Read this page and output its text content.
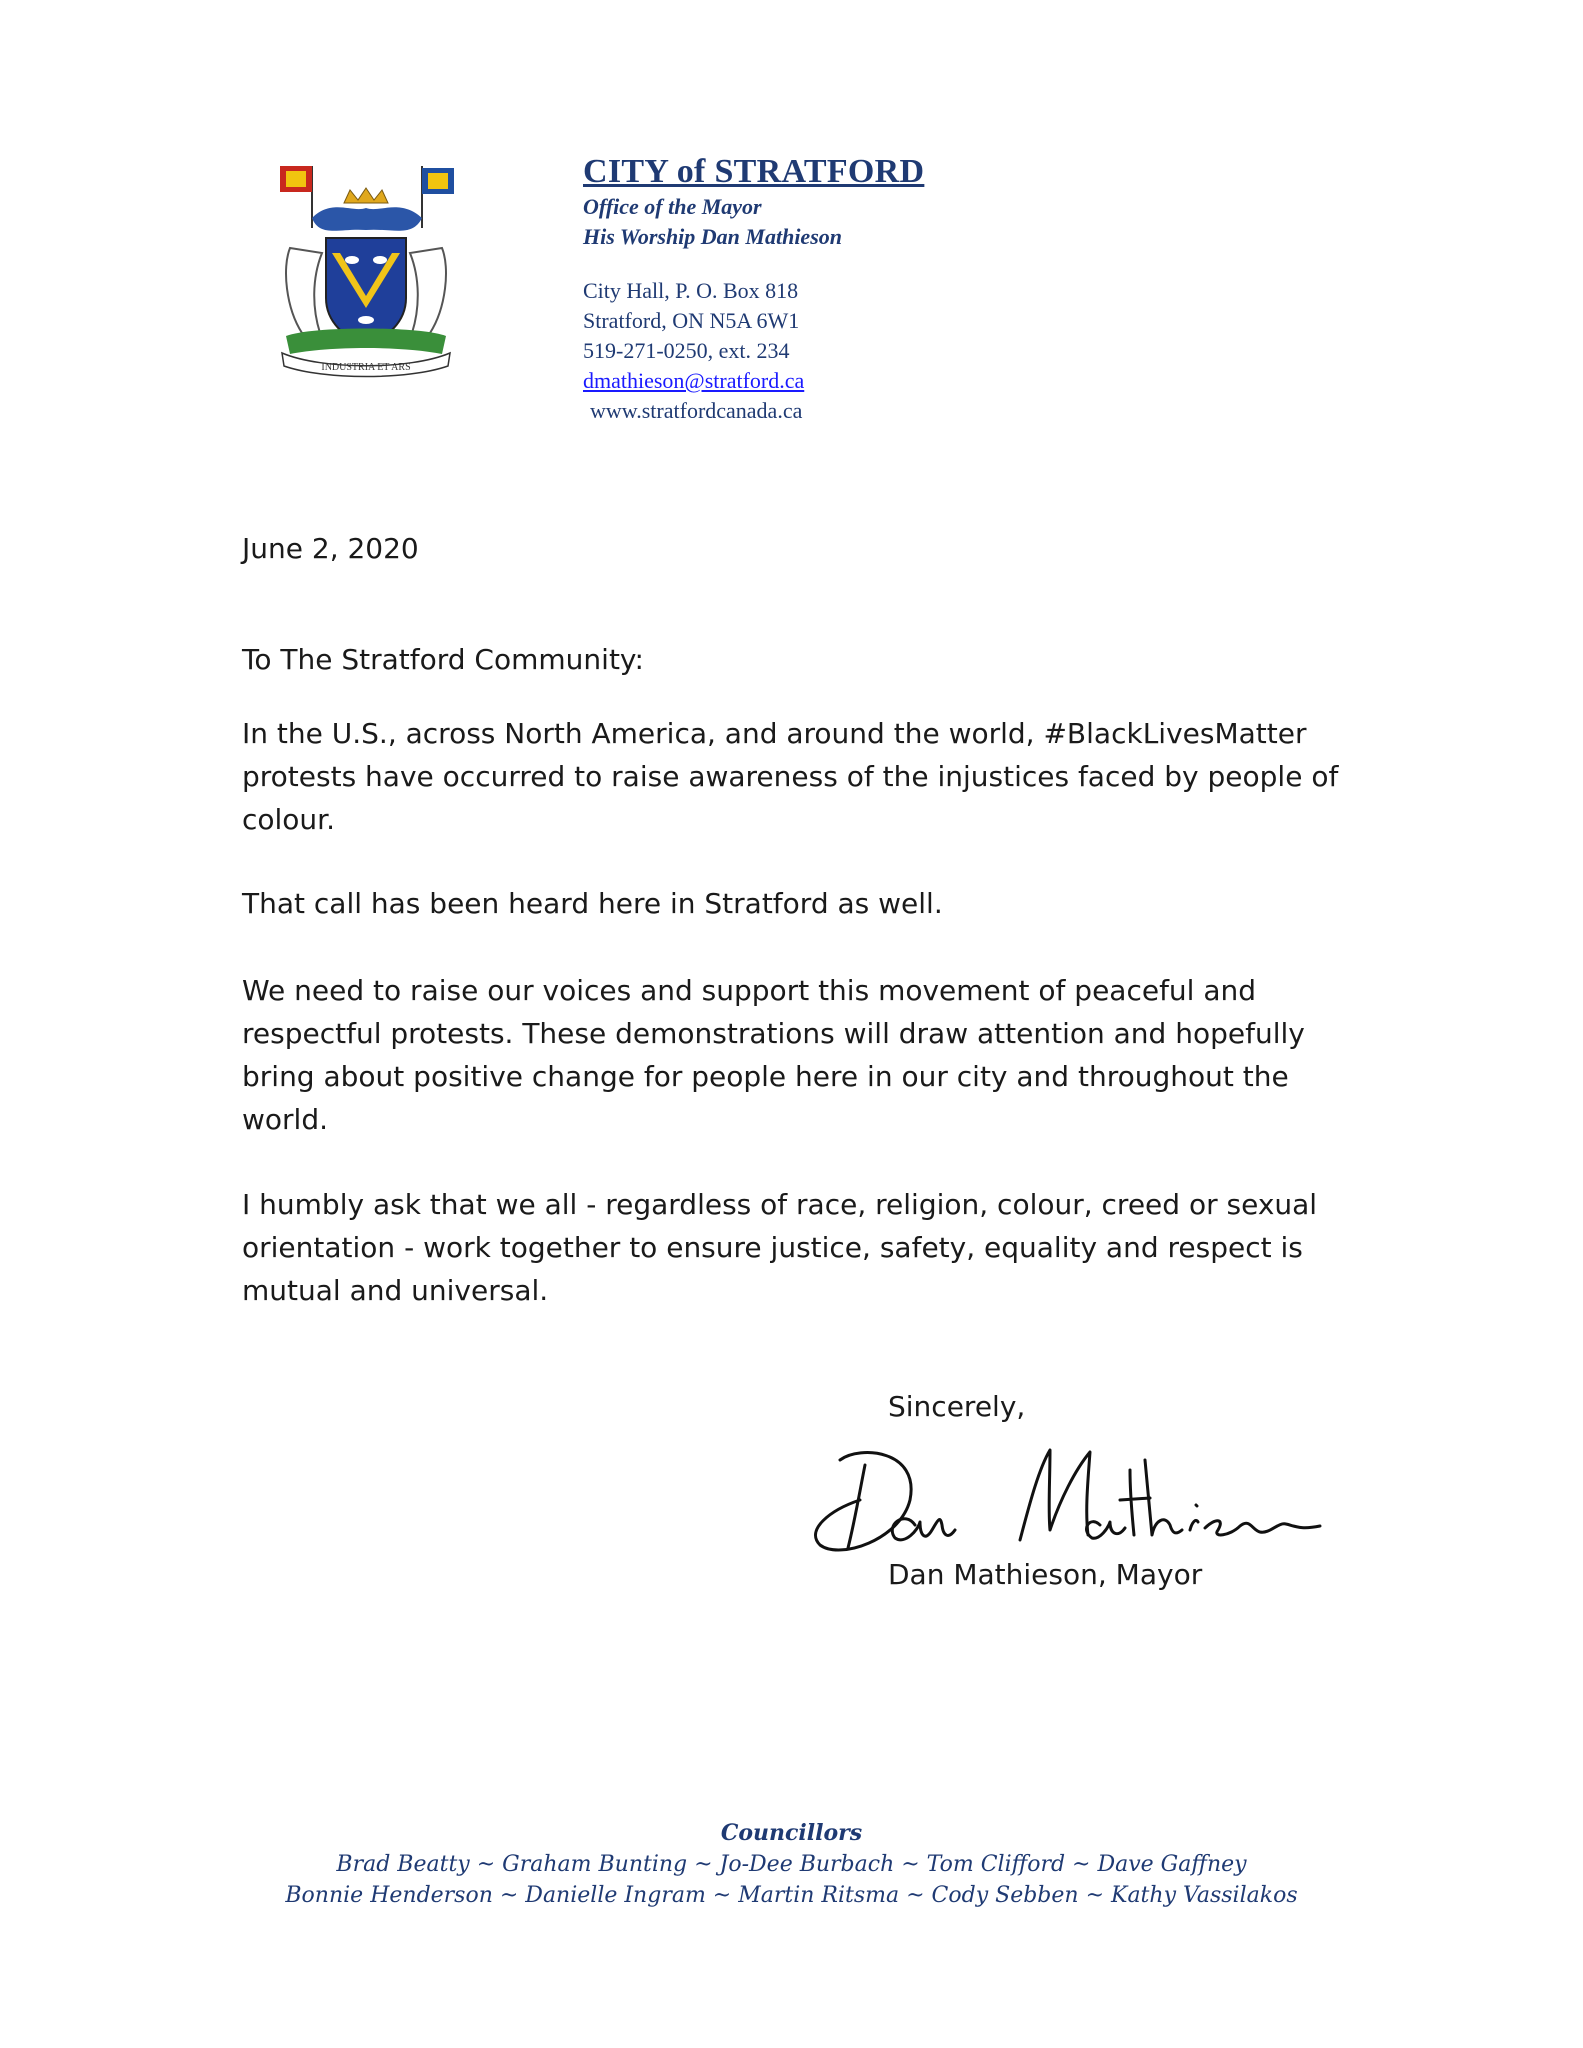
INDUSTRIA ET ARS
CITY of STRATFORD
Office of the Mayor
His Worship Dan Mathieson
City Hall, P. O. Box 818
Stratford, ON N5A 6W1
519-271-0250, ext. 234
dmathieson@stratford.ca
www.stratfordcanada.ca
June 2, 2020
To The Stratford Community:

In the U.S., across North America, and around the world, #BlackLivesMatter protests have occurred to raise awareness of the injustices faced by people of colour.

That call has been heard here in Stratford as well.

We need to raise our voices and support this movement of peaceful and respectful protests. These demonstrations will draw attention and hopefully bring about positive change for people here in our city and throughout the world.

I humbly ask that we all - regardless of race, religion, colour, creed or sexual orientation - work together to ensure justice, safety, equality and respect is mutual and universal.

Sincerely,
Dan Mathieson, Mayor
Councillors
Brad Beatty ~ Graham Bunting ~ Jo-Dee Burbach ~ Tom Clifford ~ Dave Gaffney
Bonnie Henderson ~ Danielle Ingram ~ Martin Ritsma ~ Cody Sebben ~ Kathy Vassilakos
